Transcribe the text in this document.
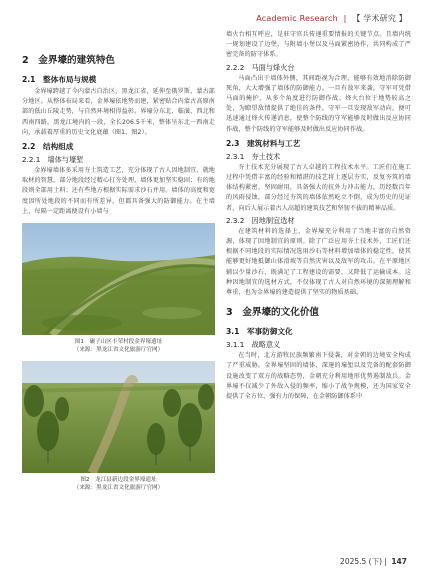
Academic Research | 【 学术研究 】
2　金界壕的建筑特色
2.1　整体布局与规模

金界壕跨越了今内蒙古自治区、黑龙江省，延伸至俄罗斯、蒙古部分地区。从整体布局来看，金界壕依地势而建，紧密贴合内蒙古高原南部的低山丘陵走势，与自然环境相得益彰。界壕分东北、临潢、西北和西南四路，黑龙江境内的一段，全长206.5千米，整体呈东北一西南走向，承载着厚重的历史文化底蕴（图1、图2）。

2.2　结构组成
2.2.1　墙体与壕堑

金界壕墙体多采用夯土筑造工艺，充分体现了古人因地制宜、就地取材的智慧。部分地段经过精心打夯处理，墙体更加坚实稳固；有的地段则全部用土料；还有些地方根据实际需求沙石并用。墙体的高度和宽度因所处地段的不同而有所差异，但都具备强大的防御能力。在主墙上，每隔一定距离便设有小墙与

图1　碾子山区丰荣村段金界壕遗址
（来源：黑龙江省文化旅游厅官网）
图2　龙江县新边段金界壕遗址
（来源：黑龙江省文化旅游厅官网）

墙火台相互呼应，是驻守官兵传递重要情报的关键节点。且墙内统一规划建设了边堡，与附墙小堡以及马面紧密协作，共同构成了严密完备的防守体系。

2.2.2　马面与烽火台

马面凸出于墙体外侧，其间距视为合理，能够有效地消除防御死角，大大增强了墙体的防御能力。一旦有敌军来袭，守军可凭借马面的掩护，从多个角度进行防御作战。烽火台位于地势较高之处，为瞭望敌情提供了绝佳的条件。守军一旦发现敌军动向，便可迅速通过烽火传递消息，使整个防线的守军能够及时做出反应协同作战，整个防线的守军能够及时做出反应协同作战。

2.3　建筑材料与工艺
2.3.1　夯土技术

夯土技术充分展现了古人卓越的工程技术水平。工匠们在施工过程中凭借丰富的经验和精湛的技艺将土逐层夯实，反复夯筑的墙体结构紧密、坚固耐用，具备强大的抗外力冲击能力，历经数百年的风雨侵蚀，部分经过夯筑的墙体依然屹立不倒，成为历史的见证者，向后人展示着古人高超的建筑技艺和坚韧不拔的精神品质。

2.3.2　因地制宜选材

在建筑材料的选择上，金界壕充分利用了当地丰富的自然资源，体现了因地制宜的原则。除了广泛应用夯土技术外，工匠们还根据不同地段的实际情况选用沙石等材料增加墙体的稳定性，使其能够更好地抵御山体滑坡等自然灾害以及敌军的攻击。在平原地区辅以少量沙石，既满足了工程建设的需要，又降低了运输成本。这种因地制宜的选材方式，不仅体现了古人对自然环境的深刻理解和尊重，也为金界壕的建造提供了坚实的物质基础。

3　金界壕的文化价值
3.1　军事防御文化
3.1.1　战略意义

在当时，北方游牧民族频繁南下侵袭，对金朝的边境安全构成了严重威胁。金界壕坚固的墙体、深邃的壕堑以及完备的配套防御设施改变了双方的战略态势，金朝充分利用地形优势遏制敌兵。金界壕不仅减少了外敌入侵的频率，缩小了战争规模，还为国家安全提供了全方位、强有力的保障，在金朝防御体系中

2025.5 (下) | 147
